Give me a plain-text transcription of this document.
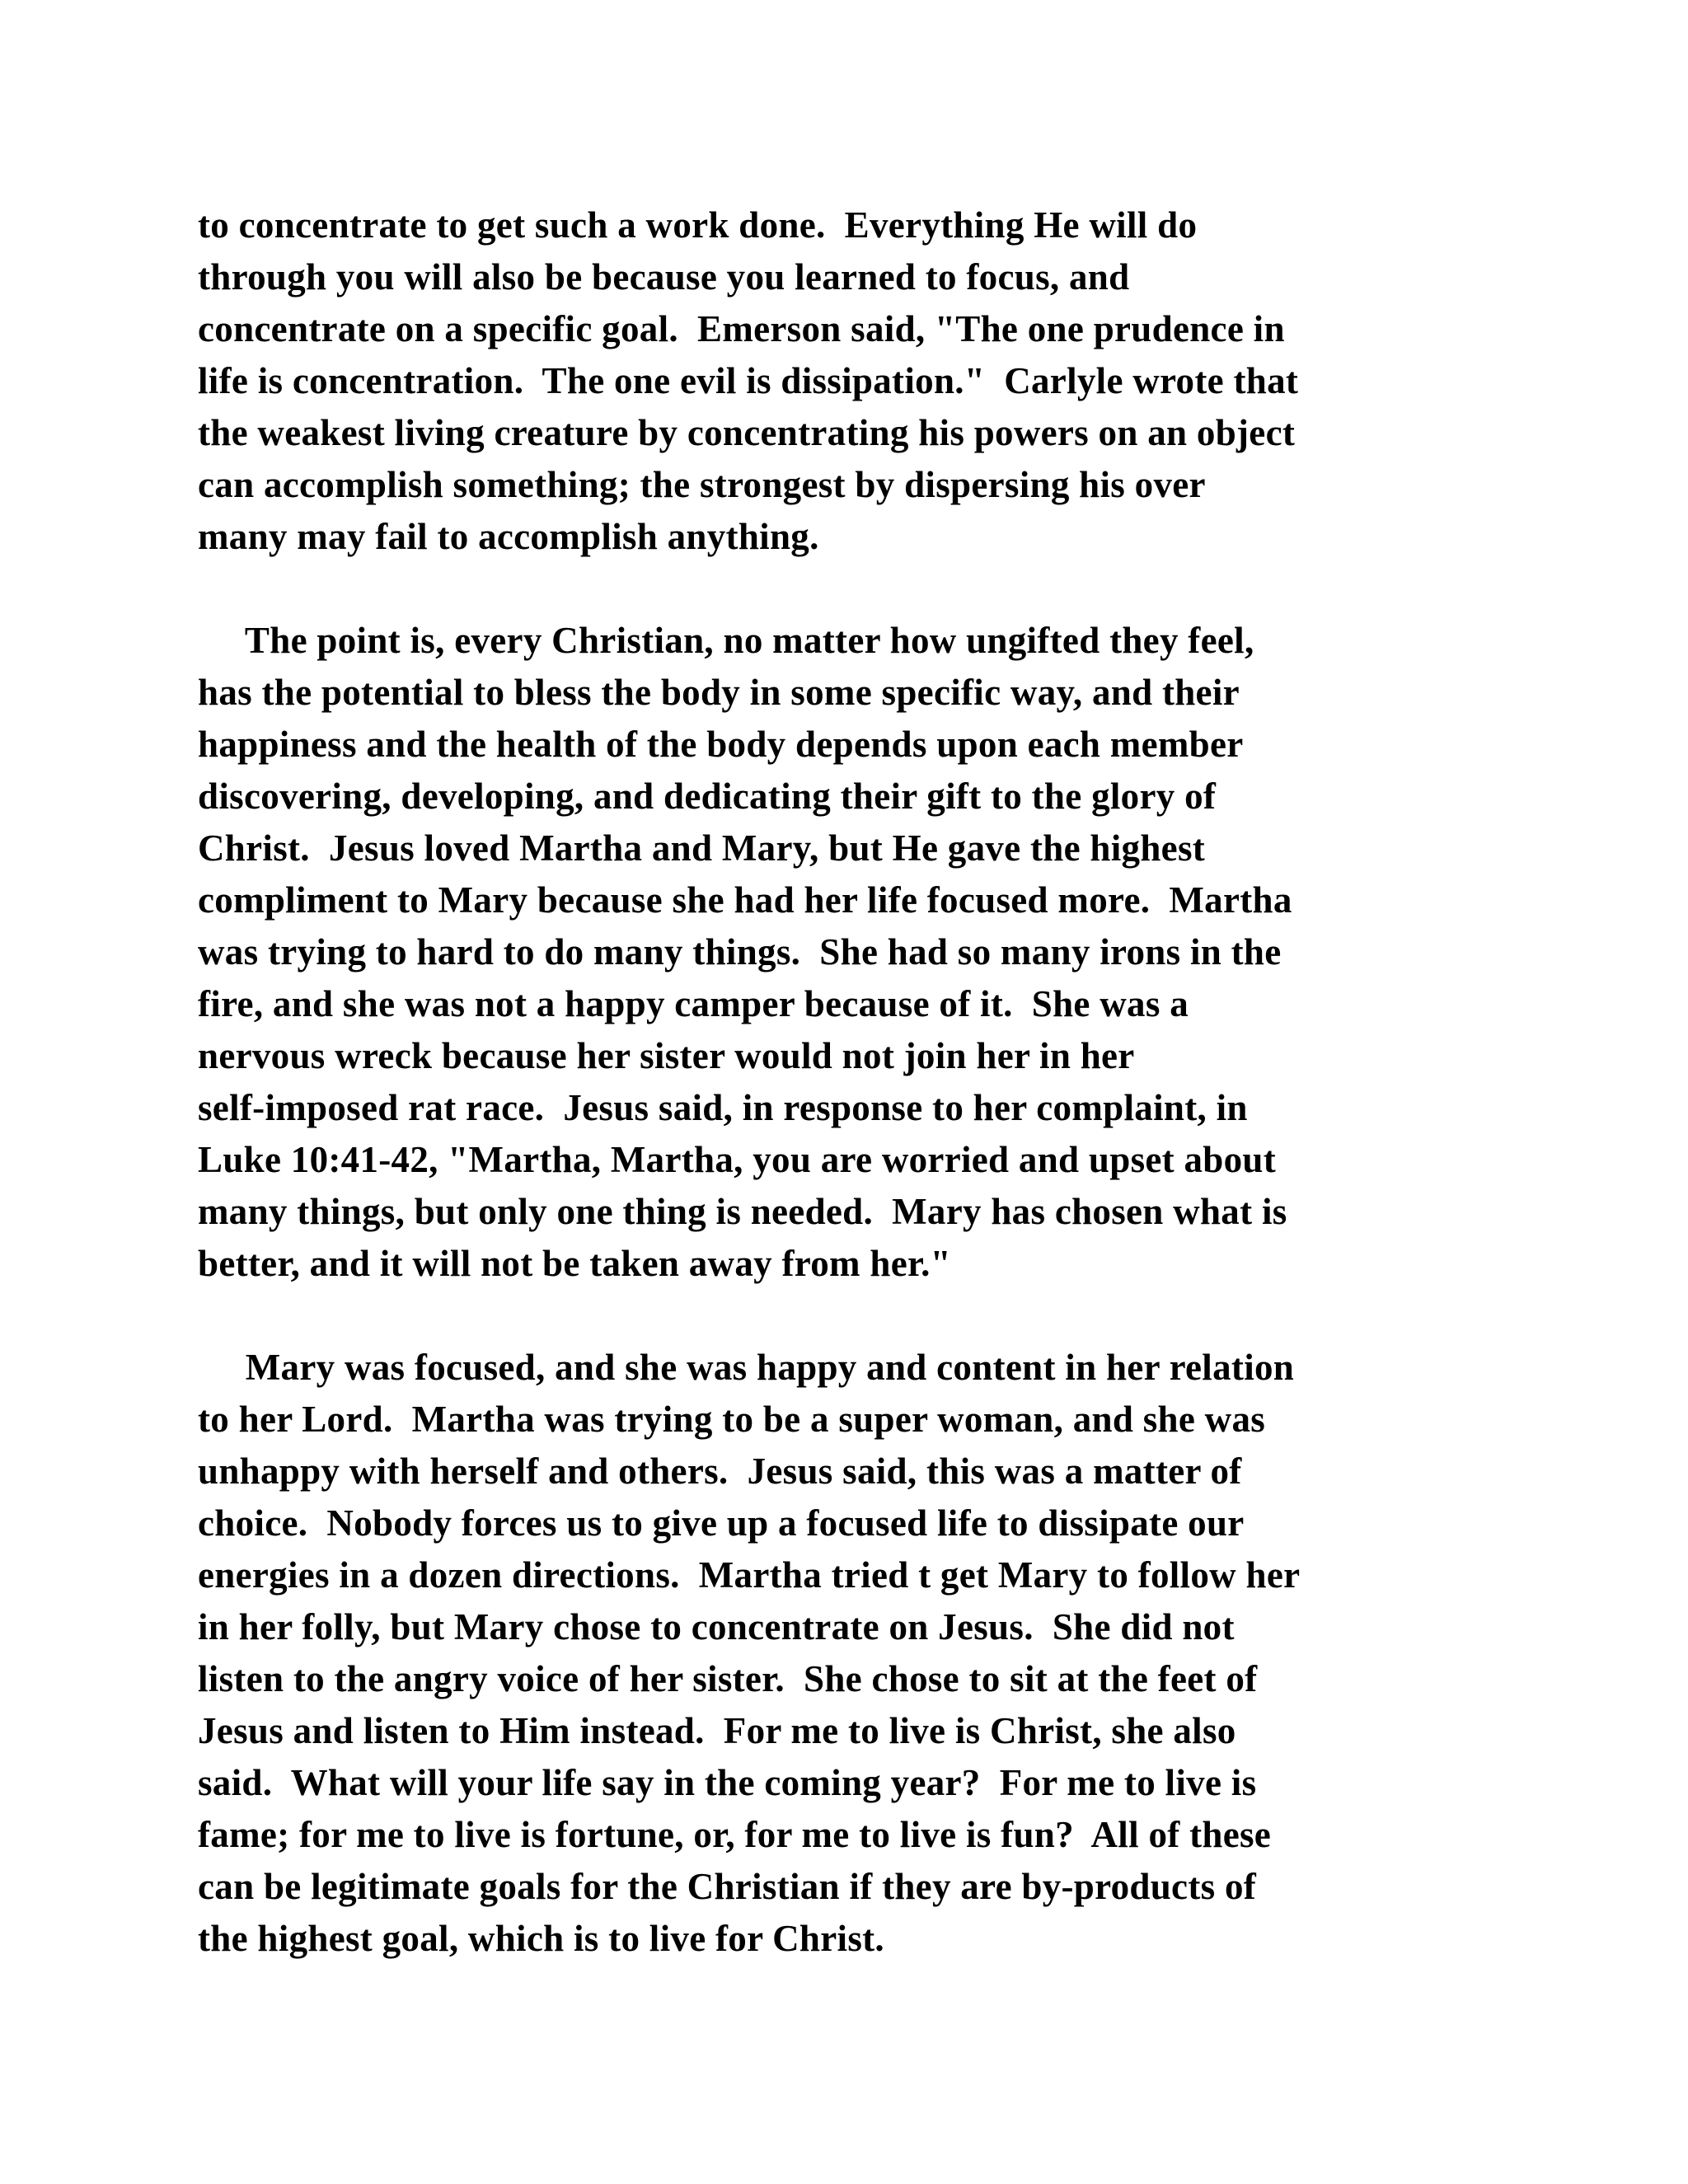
to concentrate to get such a work done.  Everything He will do
through you will also be because you learned to focus, and
concentrate on a specific goal.  Emerson said, "The one prudence in
life is concentration.  The one evil is dissipation."  Carlyle wrote that
the weakest living creature by concentrating his powers on an object
can accomplish something; the strongest by dispersing his over
many may fail to accomplish anything.
The point is, every Christian, no matter how ungifted they feel,
has the potential to bless the body in some specific way, and their
happiness and the health of the body depends upon each member
discovering, developing, and dedicating their gift to the glory of
Christ.  Jesus loved Martha and Mary, but He gave the highest
compliment to Mary because she had her life focused more.  Martha
was trying to hard to do many things.  She had so many irons in the
fire, and she was not a happy camper because of it.  She was a
nervous wreck because her sister would not join her in her
self-imposed rat race.  Jesus said, in response to her complaint, in
Luke 10:41-42, "Martha, Martha, you are worried and upset about
many things, but only one thing is needed.  Mary has chosen what is
better, and it will not be taken away from her."
Mary was focused, and she was happy and content in her relation
to her Lord.  Martha was trying to be a super woman, and she was
unhappy with herself and others.  Jesus said, this was a matter of
choice.  Nobody forces us to give up a focused life to dissipate our
energies in a dozen directions.  Martha tried t get Mary to follow her
in her folly, but Mary chose to concentrate on Jesus.  She did not
listen to the angry voice of her sister.  She chose to sit at the feet of
Jesus and listen to Him instead.  For me to live is Christ, she also
said.  What will your life say in the coming year?  For me to live is
fame; for me to live is fortune, or, for me to live is fun?  All of these
can be legitimate goals for the Christian if they are by-products of
the highest goal, which is to live for Christ.
